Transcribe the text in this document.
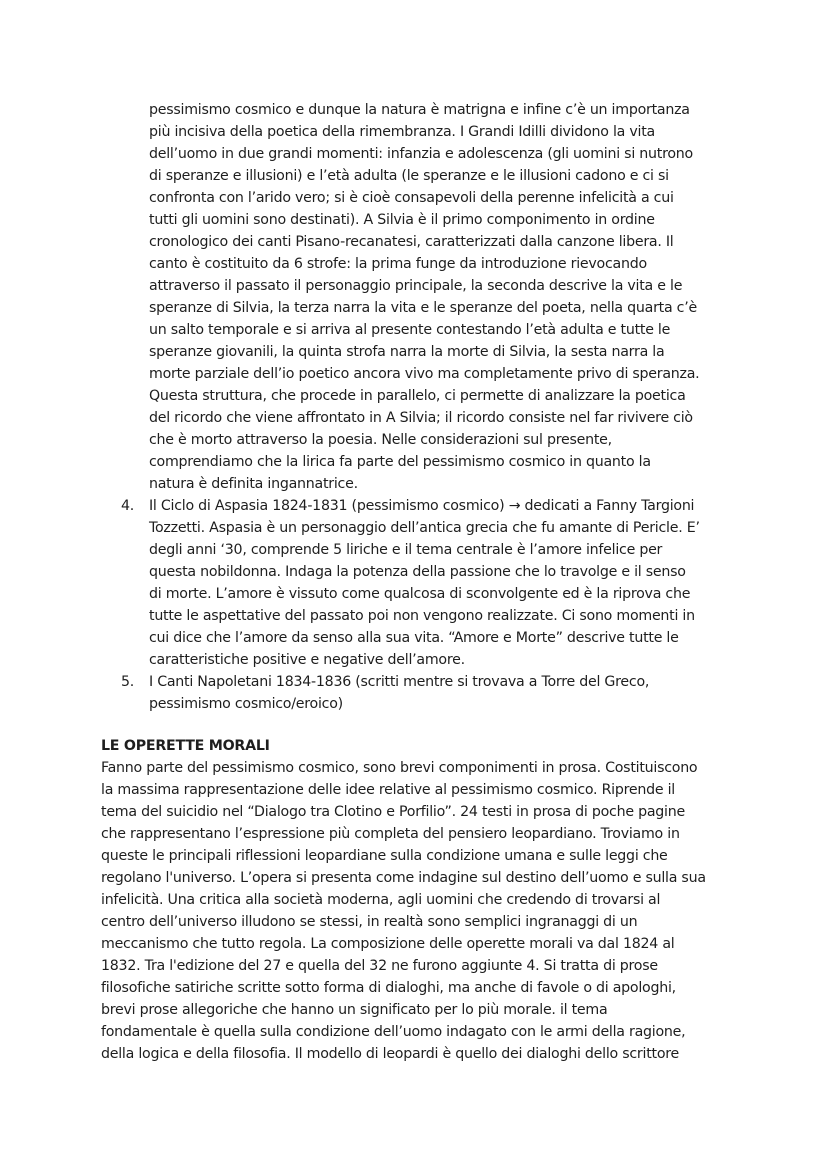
pessimismo cosmico e dunque la natura è matrigna e infine c’è un importanza
più incisiva della poetica della rimembranza. I Grandi Idilli dividono la vita
dell’uomo in due grandi momenti: infanzia e adolescenza (gli uomini si nutrono
di speranze e illusioni) e l’età adulta (le speranze e le illusioni cadono e ci si
confronta con l’arido vero; si è cioè consapevoli della perenne infelicità a cui
tutti gli uomini sono destinati). A Silvia è il primo componimento in ordine
cronologico dei canti Pisano-recanatesi, caratterizzati dalla canzone libera. Il
canto è costituito da 6 strofe: la prima funge da introduzione rievocando
attraverso il passato il personaggio principale, la seconda descrive la vita e le
speranze di Silvia, la terza narra la vita e le speranze del poeta, nella quarta c’è
un salto temporale e si arriva al presente contestando l’età adulta e tutte le
speranze giovanili, la quinta strofa narra la morte di Silvia, la sesta narra la
morte parziale dell’io poetico ancora vivo ma completamente privo di speranza.
Questa struttura, che procede in parallelo, ci permette di analizzare la poetica
del ricordo che viene affrontato in A Silvia; il ricordo consiste nel far rivivere ciò
che è morto attraverso la poesia. Nelle considerazioni sul presente,
comprendiamo che la lirica fa parte del pessimismo cosmico in quanto la
natura è definita ingannatrice.
4. Il Ciclo di Aspasia 1824-1831 (pessimismo cosmico) → dedicati a Fanny Targioni
Tozzetti. Aspasia è un personaggio dell’antica grecia che fu amante di Pericle. E’
degli anni ‘30, comprende 5 liriche e il tema centrale è l’amore infelice per
questa nobildonna. Indaga la potenza della passione che lo travolge e il senso
di morte. L’amore è vissuto come qualcosa di sconvolgente ed è la riprova che
tutte le aspettative del passato poi non vengono realizzate. Ci sono momenti in
cui dice che l’amore da senso alla sua vita. “Amore e Morte” descrive tutte le
caratteristiche positive e negative dell’amore.
5. I Canti Napoletani 1834-1836 (scritti mentre si trovava a Torre del Greco,
pessimismo cosmico/eroico)
LE OPERETTE MORALI
Fanno parte del pessimismo cosmico, sono brevi componimenti in prosa. Costituiscono
la massima rappresentazione delle idee relative al pessimismo cosmico. Riprende il
tema del suicidio nel “Dialogo tra Clotino e Porfilio”. 24 testi in prosa di poche pagine
che rappresentano l’espressione più completa del pensiero leopardiano. Troviamo in
queste le principali riflessioni leopardiane sulla condizione umana e sulle leggi che
regolano l'universo. L’opera si presenta come indagine sul destino dell’uomo e sulla sua
infelicità. Una critica alla società moderna, agli uomini che credendo di trovarsi al
centro dell’universo illudono se stessi, in realtà sono semplici ingranaggi di un
meccanismo che tutto regola. La composizione delle operette morali va dal 1824 al
1832. Tra l'edizione del 27 e quella del 32 ne furono aggiunte 4. Si tratta di prose
filosofiche satiriche scritte sotto forma di dialoghi, ma anche di favole o di apologhi,
brevi prose allegoriche che hanno un significato per lo più morale. il tema
fondamentale è quella sulla condizione dell’uomo indagato con le armi della ragione,
della logica e della filosofia. Il modello di leopardi è quello dei dialoghi dello scrittore
